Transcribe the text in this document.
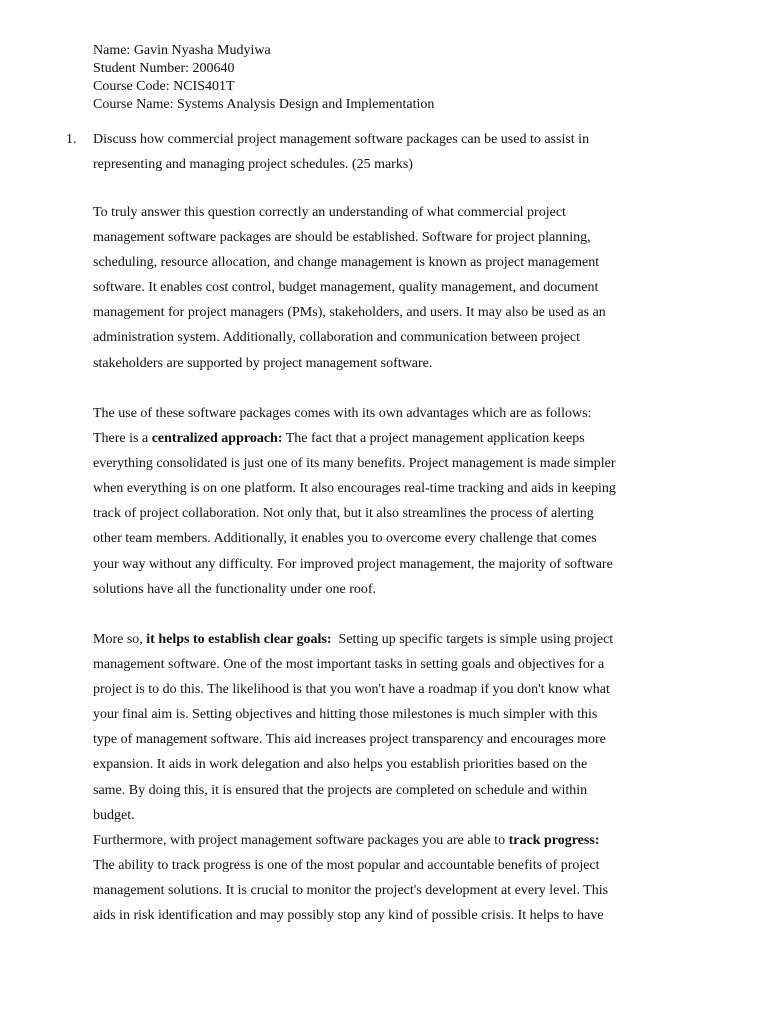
Name: Gavin Nyasha Mudyiwa
Student Number: 200640
Course Code: NCIS401T
Course Name: Systems Analysis Design and Implementation
1. Discuss how commercial project management software packages can be used to assist in
representing and managing project schedules. (25 marks)
To truly answer this question correctly an understanding of what commercial project
management software packages are should be established. Software for project planning,
scheduling, resource allocation, and change management is known as project management
software. It enables cost control, budget management, quality management, and document
management for project managers (PMs), stakeholders, and users. It may also be used as an
administration system. Additionally, collaboration and communication between project
stakeholders are supported by project management software.
The use of these software packages comes with its own advantages which are as follows:
There is a centralized approach: The fact that a project management application keeps
everything consolidated is just one of its many benefits. Project management is made simpler
when everything is on one platform. It also encourages real-time tracking and aids in keeping
track of project collaboration. Not only that, but it also streamlines the process of alerting
other team members. Additionally, it enables you to overcome every challenge that comes
your way without any difficulty. For improved project management, the majority of software
solutions have all the functionality under one roof.
More so, it helps to establish clear goals:  Setting up specific targets is simple using project
management software. One of the most important tasks in setting goals and objectives for a
project is to do this. The likelihood is that you won't have a roadmap if you don't know what
your final aim is. Setting objectives and hitting those milestones is much simpler with this
type of management software. This aid increases project transparency and encourages more
expansion. It aids in work delegation and also helps you establish priorities based on the
same. By doing this, it is ensured that the projects are completed on schedule and within
budget.
Furthermore, with project management software packages you are able to track progress:
The ability to track progress is one of the most popular and accountable benefits of project
management solutions. It is crucial to monitor the project's development at every level. This
aids in risk identification and may possibly stop any kind of possible crisis. It helps to have
